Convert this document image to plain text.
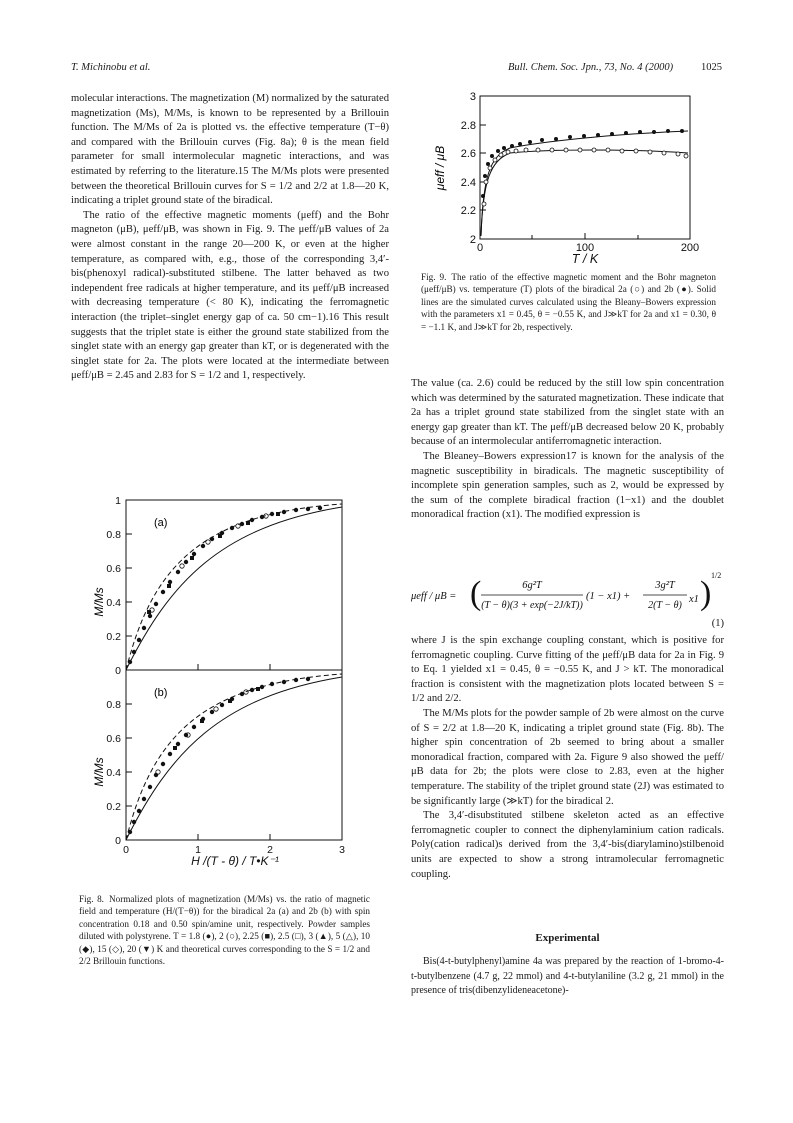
T. Michinobu et al.	Bull. Chem. Soc. Jpn., 73, No. 4 (2000)	1025

molecular interactions. The magnetization (M) normalized by the saturated magnetization (Ms), M/Ms, is known to be represented by a Brillouin function. The M/Ms of 2a is plotted vs. the effective temperature (T−θ) and compared with the Brillouin curves (Fig. 8a); θ is the mean field parameter for small intermolecular magnetic interactions, and was estimated by referring to the literature.15 The M/Ms plots were presented between the theoretical Brillouin curves for S = 1/2 and 2/2 at 1.8—20 K, indicating a triplet ground state of the biradical.

The ratio of the effective magnetic moments (μeff) and the Bohr magneton (μB), μeff/μB, was shown in Fig. 9. The μeff/μB values of 2a were almost constant in the range 20—200 K, or even at the higher temperature, as compared with, e.g., those of the corresponding 3,4′-bis(phenoxyl radical)-substituted stilbene. The latter behaved as two independent free radicals at higher temperature, and its μeff/μB increased with decreasing temperature (< 80 K), indicating the ferromagnetic interaction (the triplet–singlet energy gap of ca. 50 cm−1).16 This result suggests that the triplet state is either the ground state stabilized from the singlet state with an energy gap greater than kT, or is degenerated with the singlet state for 2a. The plots were located at the intermediate between μeff/μB = 2.45 and 2.83 for S = 1/2 and 1, respectively.

1
0.8
0.6
0.4
0.2
0
0.8
0.6
0.4
0.2
0
0	1	2	3
H /(T - θ) / T•K⁻¹
(a)
(b)
M/Ms
M/Ms
Fig. 8. Normalized plots of magnetization (M/Ms) vs. the ratio of magnetic field and temperature (H/(T−θ)) for the biradical 2a (a) and 2b (b) with spin concentration 0.18 and 0.50 spin/amine unit, respectively. Powder samples diluted with polystyrene. T = 1.8 (●), 2 (○), 2.25 (■), 2.5 (□), 3 (▲), 5 (△), 10 (◆), 15 (◇), 20 (▼) K and theoretical curves corresponding to the S = 1/2 and 2/2 Brillouin functions.
3
2.8
2.6
2.4
2.2
2
0	100	200
T / K
μeff / μB
Fig. 9. The ratio of the effective magnetic moment and the Bohr magneton (μeff/μB) vs. temperature (T) plots of the biradical 2a (○) and 2b (●). Solid lines are the simulated curves calculated using the Bleany–Bowers expression with the parameters x1 = 0.45, θ = −0.55 K, and J≫kT for 2a and x1 = 0.30, θ = −1.1 K, and J≫kT for 2b, respectively.

The value (ca. 2.6) could be reduced by the still low spin concentration which was determined by the saturated magnetization. These indicate that 2a has a triplet ground state stabilized from the singlet state with an energy gap greater than kT. The μeff/μB decreased below 20 K, probably because of an intermolecular antiferromagnetic interaction.

The Bleaney–Bowers expression17 is known for the analysis of the magnetic susceptibility in biradicals. The magnetic susceptibility of incomplete spin generation samples, such as 2, would be expressed by the sum of the complete biradical fraction (1−x1) and the doublet monoradical fraction (x1). The modified expression is

μeff / μB = (	6g²T
(T − θ)(3 + exp(−2J/kT))
(1 − x1) +
3g²T
2(T − θ)
x1 ) 1/2
(1)

where J is the spin exchange coupling constant, which is positive for ferromagnetic coupling. Curve fitting of the μeff/μB data for 2a in Fig. 9 to Eq. 1 yielded x1 = 0.45, θ = −0.55 K, and J > kT. The monoradical fraction is consistent with the magnetization plots located between S = 1/2 and 2/2.

The M/Ms plots for the powder sample of 2b were almost on the curve of S = 2/2 at 1.8—20 K, indicating a triplet ground state (Fig. 8b). The higher spin concentration of 2b seemed to bring about a smaller monoradical fraction, compared with 2a. Figure 9 also showed the μeff/μB data for 2b; the plots were close to 2.83, even at the higher temperature. The stability of the triplet ground state (2J) was estimated to be significantly large (≫kT) for the biradical 2.

The 3,4′-disubstituted stilbene skeleton acted as an effective ferromagnetic coupler to connect the diphenylaminium cation radicals. Poly(cation radical)s derived from the 3,4′-bis(diarylamino)stilbenoid units are expected to show a strong intramolecular ferromagnetic coupling.

Experimental

Bis(4-t-butylphenyl)amine 4a was prepared by the reaction of 1-bromo-4-t-butylbenzene (4.7 g, 22 mmol) and 4-t-butylaniline (3.2 g, 21 mmol) in the presence of tris(dibenzylideneacetone)-
